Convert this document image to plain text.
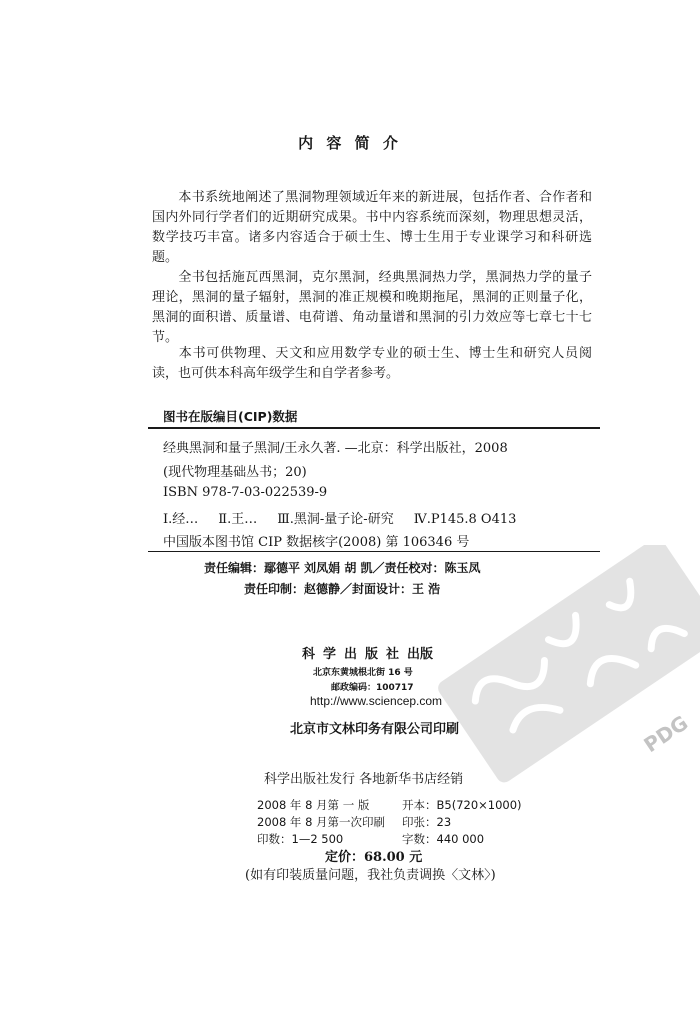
内 容 简 介

本书系统地阐述了黑洞物理领域近年来的新进展，包括作者、合作者和国内外同行学者们的近期研究成果。书中内容系统而深刻，物理思想灵活，数学技巧丰富。诸多内容适合于硕士生、博士生用于专业课学习和科研选题。

全书包括施瓦西黑洞，克尔黑洞，经典黑洞热力学，黑洞热力学的量子理论，黑洞的量子辐射，黑洞的准正规模和晚期拖尾，黑洞的正则量子化，黑洞的面积谱、质量谱、电荷谱、角动量谱和黑洞的引力效应等七章七十七节。

本书可供物理、天文和应用数学专业的硕士生、博士生和研究人员阅读，也可供本科高年级学生和自学者参考。

图书在版编目(CIP)数据
经典黑洞和量子黑洞/王永久著. —北京：科学出版社，2008
(现代物理基础丛书；20)
ISBN 978-7-03-022539-9
Ⅰ.经… Ⅱ.王… Ⅲ.黑洞-量子论-研究 Ⅳ.P145.8 O413
中国版本图书馆 CIP 数据核字(2008) 第 106346 号
责任编辑：鄢德平 刘凤娟 胡 凯／责任校对：陈玉凤
责任印制：赵德静／封面设计：王 浩
科学出版社出版
北京东黄城根北街 16 号
邮政编码：100717
http://www.sciencep.com
北京市文林印务有限公司印刷
科学出版社发行 各地新华书店经销
2008 年 8 月第 一 版	开本：B5(720×1000)
2008 年 8 月第一次印刷 印张：23
印数：1—2 500	字数：440 000
定价：68.00 元
(如有印装质量问题，我社负责调换〈文林〉)
PDG
